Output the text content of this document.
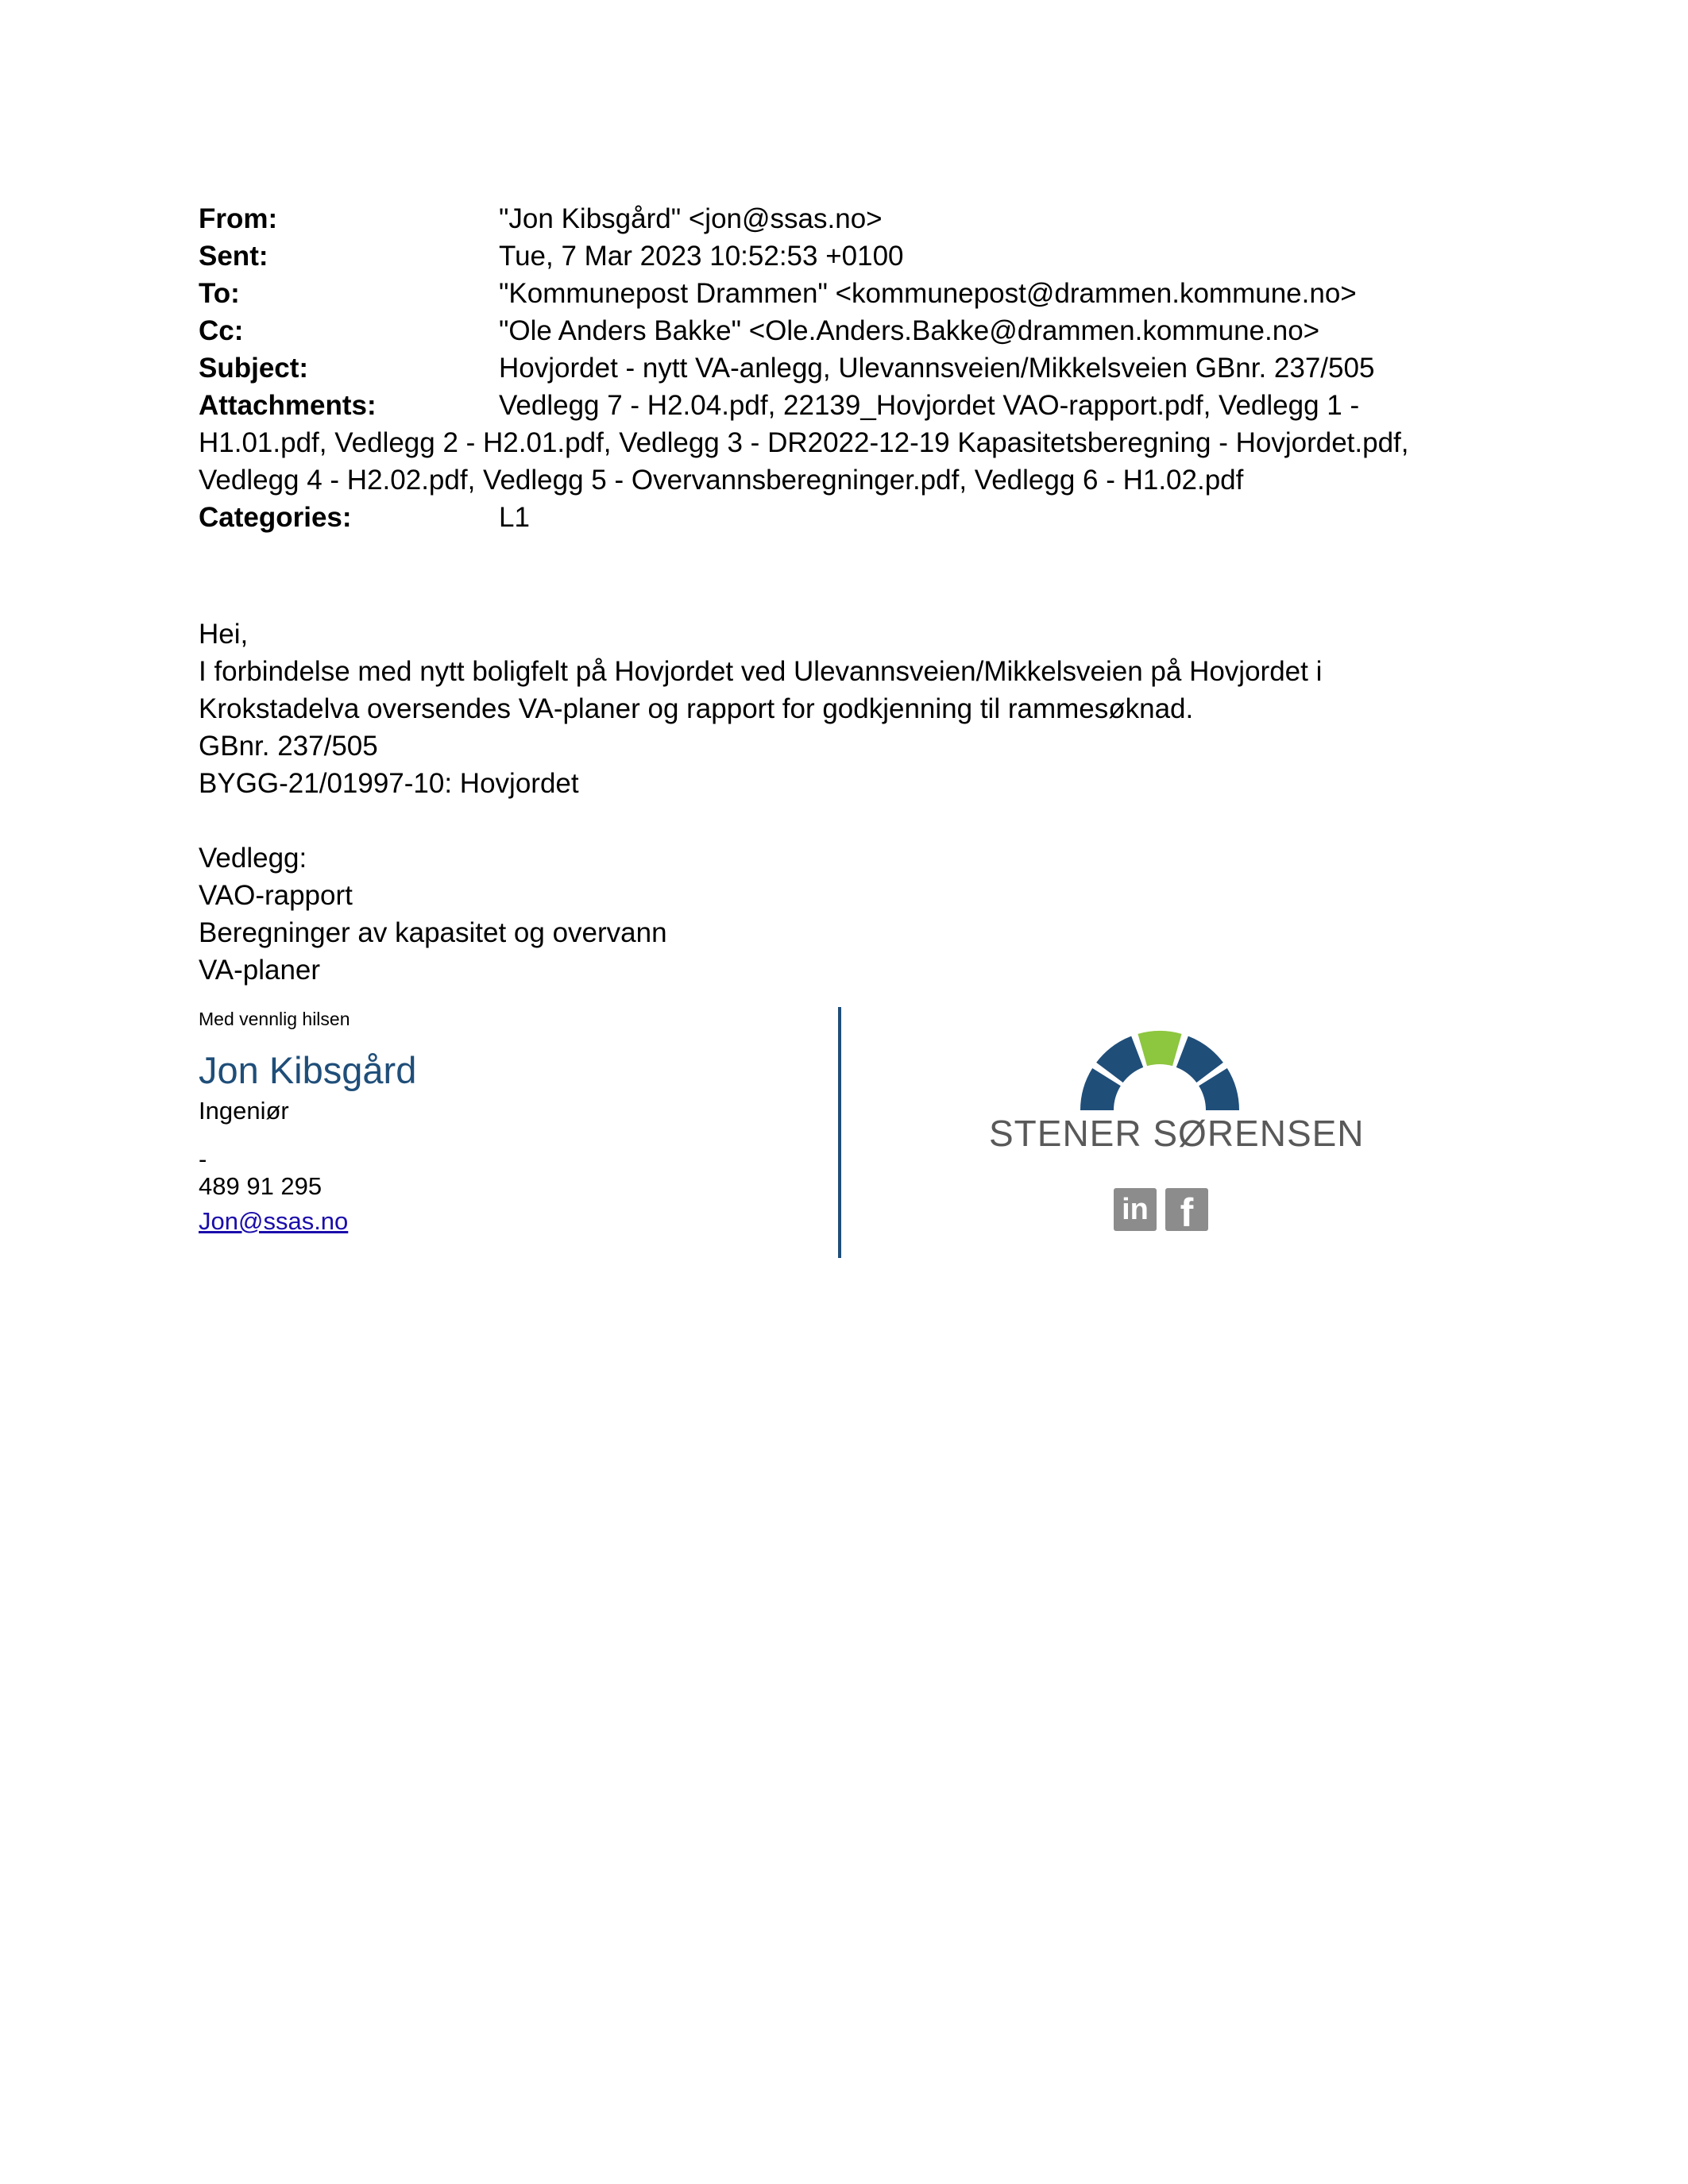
From:	"Jon Kibsgård" <jon@ssas.no>
Sent:	Tue, 7 Mar 2023 10:52:53 +0100
To:	"Kommunepost Drammen" <kommunepost@drammen.kommune.no>
Cc:	"Ole Anders Bakke" <Ole.Anders.Bakke@drammen.kommune.no>
Subject:	Hovjordet - nytt VA-anlegg, Ulevannsveien/Mikkelsveien GBnr. 237/505
Attachments:	Vedlegg 7 - H2.04.pdf, 22139_Hovjordet VAO-rapport.pdf, Vedlegg 1 -
H1.01.pdf, Vedlegg 2 - H2.01.pdf, Vedlegg 3 - DR2022-12-19 Kapasitetsberegning - Hovjordet.pdf,
Vedlegg 4 - H2.02.pdf, Vedlegg 5 - Overvannsberegninger.pdf, Vedlegg 6 - H1.02.pdf
Categories:	L1
Hei,
I forbindelse med nytt boligfelt på Hovjordet ved Ulevannsveien/Mikkelsveien på Hovjordet i
Krokstadelva oversendes VA-planer og rapport for godkjenning til rammesøknad.
GBnr. 237/505
BYGG-21/01997-10: Hovjordet
Vedlegg:
VAO-rapport
Beregninger av kapasitet og overvann
VA-planer
Med vennlig hilsen
Jon Kibsgård
Ingeniør
-
489 91 295
Jon@ssas.no
STENER SØRENSEN
in f
